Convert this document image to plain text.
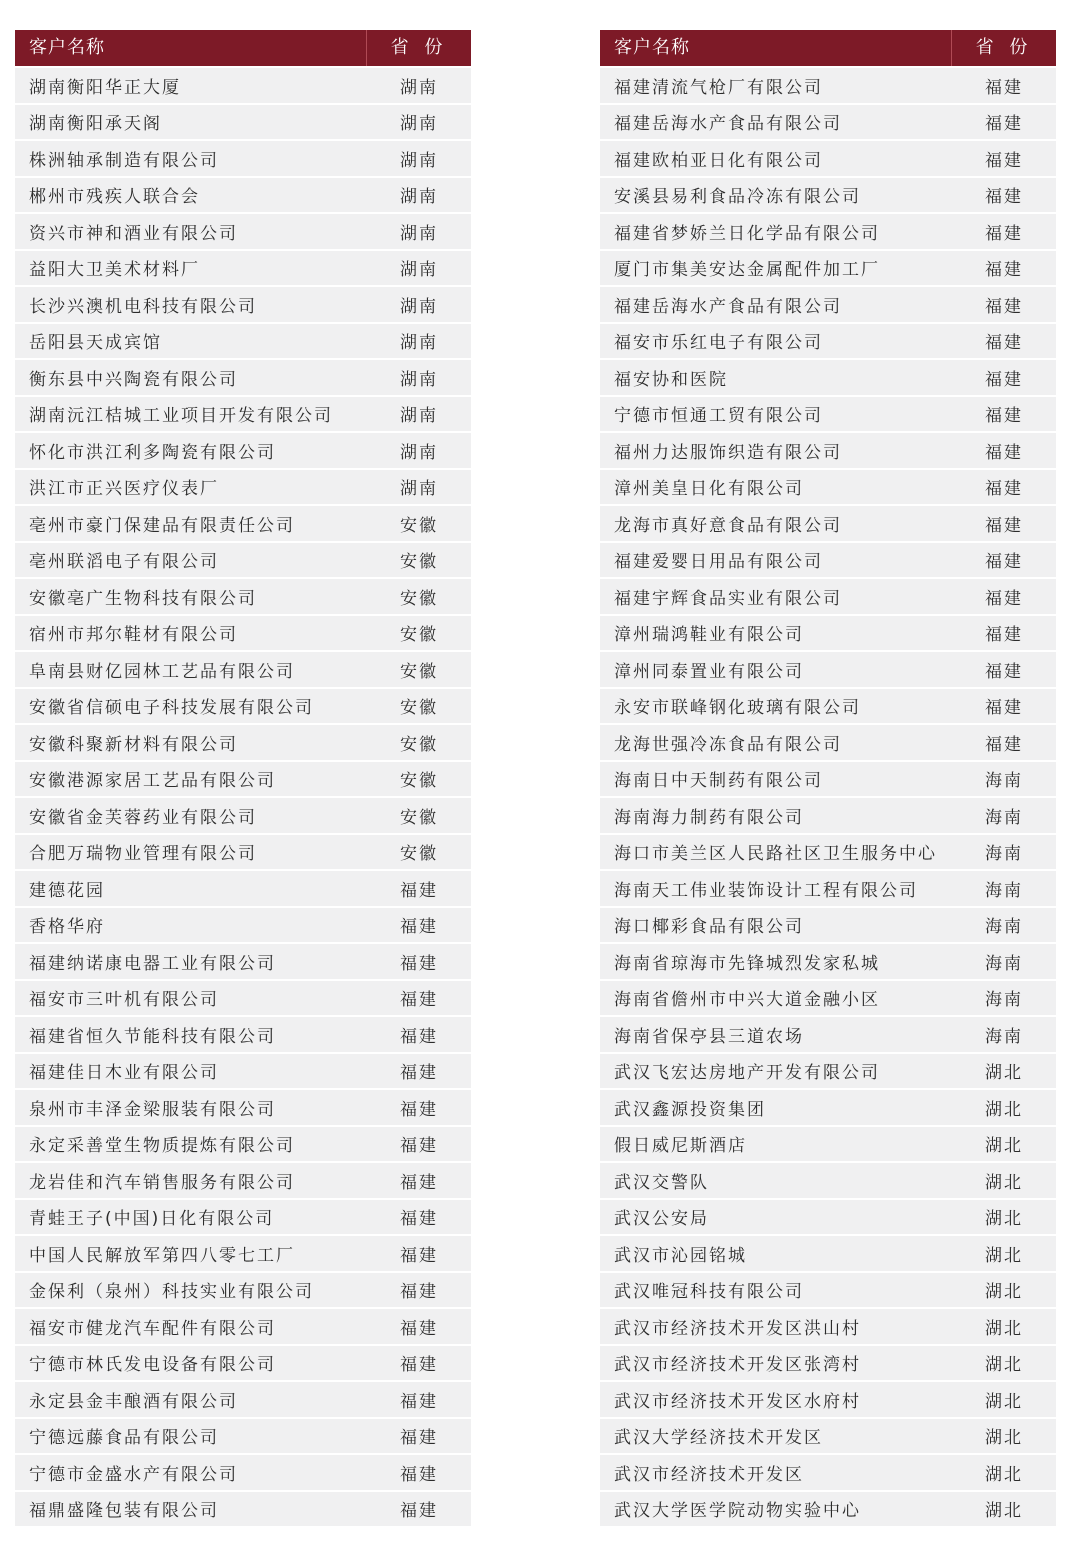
客户名称	省 份
湖南衡阳华正大厦	湖南
湖南衡阳承天阁	湖南
株洲轴承制造有限公司	湖南
郴州市残疾人联合会	湖南
资兴市神和酒业有限公司	湖南
益阳大卫美术材料厂	湖南
长沙兴澳机电科技有限公司	湖南
岳阳县天成宾馆	湖南
衡东县中兴陶瓷有限公司	湖南
湖南沅江桔城工业项目开发有限公司	湖南
怀化市洪江利多陶瓷有限公司	湖南
洪江市正兴医疗仪表厂	湖南
亳州市豪门保建品有限责任公司	安徽
亳州联滔电子有限公司	安徽
安徽亳广生物科技有限公司	安徽
宿州市邦尔鞋材有限公司	安徽
阜南县财亿园林工艺品有限公司	安徽
安徽省信硕电子科技发展有限公司	安徽
安徽科聚新材料有限公司	安徽
安徽港源家居工艺品有限公司	安徽
安徽省金芙蓉药业有限公司	安徽
合肥万瑞物业管理有限公司	安徽
建德花园	福建
香格华府	福建
福建纳诺康电器工业有限公司	福建
福安市三叶机有限公司	福建
福建省恒久节能科技有限公司	福建
福建佳日木业有限公司	福建
泉州市丰泽金梁服装有限公司	福建
永定采善堂生物质提炼有限公司	福建
龙岩佳和汽车销售服务有限公司	福建
青蛙王子(中国)日化有限公司	福建
中国人民解放军第四八零七工厂	福建
金保利（泉州）科技实业有限公司	福建
福安市健龙汽车配件有限公司	福建
宁德市林氏发电设备有限公司	福建
永定县金丰酿酒有限公司	福建
宁德远藤食品有限公司	福建
宁德市金盛水产有限公司	福建
福鼎盛隆包装有限公司	福建
客户名称	省 份
福建清流气枪厂有限公司	福建
福建岳海水产食品有限公司	福建
福建欧柏亚日化有限公司	福建
安溪县易利食品冷冻有限公司	福建
福建省梦娇兰日化学品有限公司	福建
厦门市集美安达金属配件加工厂	福建
福建岳海水产食品有限公司	福建
福安市乐红电子有限公司	福建
福安协和医院	福建
宁德市恒通工贸有限公司	福建
福州力达服饰织造有限公司	福建
漳州美皇日化有限公司	福建
龙海市真好意食品有限公司	福建
福建爱婴日用品有限公司	福建
福建宇辉食品实业有限公司	福建
漳州瑞鸿鞋业有限公司	福建
漳州同泰置业有限公司	福建
永安市联峰钢化玻璃有限公司	福建
龙海世强冷冻食品有限公司	福建
海南日中天制药有限公司	海南
海南海力制药有限公司	海南
海口市美兰区人民路社区卫生服务中心	海南
海南天工伟业装饰设计工程有限公司	海南
海口椰彩食品有限公司	海南
海南省琼海市先锋城烈发家私城	海南
海南省儋州市中兴大道金融小区	海南
海南省保亭县三道农场	海南
武汉飞宏达房地产开发有限公司	湖北
武汉鑫源投资集团	湖北
假日威尼斯酒店	湖北
武汉交警队	湖北
武汉公安局	湖北
武汉市沁园铭城	湖北
武汉唯冠科技有限公司	湖北
武汉市经济技术开发区洪山村	湖北
武汉市经济技术开发区张湾村	湖北
武汉市经济技术开发区水府村	湖北
武汉大学经济技术开发区	湖北
武汉市经济技术开发区	湖北
武汉大学医学院动物实验中心	湖北
